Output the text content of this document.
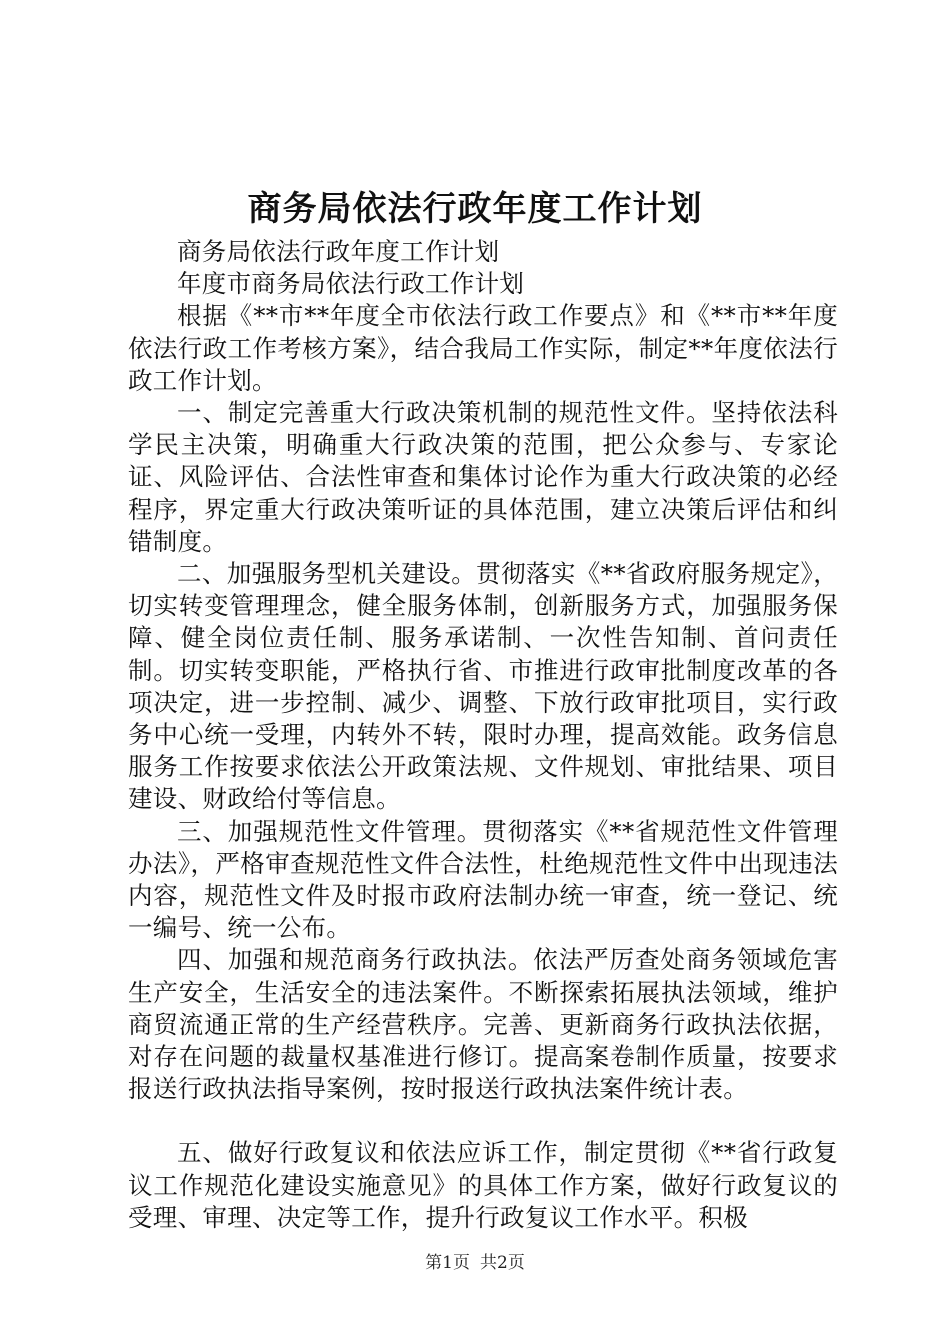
商务局依法行政年度工作计划

商务局依法行政年度工作计划

年度市商务局依法行政工作计划

根据《**市**年度全市依法行政工作要点》和《**市**年度依法行政工作考核方案》，结合我局工作实际，制定**年度依法行政工作计划。

一、制定完善重大行政决策机制的规范性文件。坚持依法科学民主决策，明确重大行政决策的范围，把公众参与、专家论证、风险评估、合法性审查和集体讨论作为重大行政决策的必经程序，界定重大行政决策听证的具体范围，建立决策后评估和纠错制度。

二、加强服务型机关建设。贯彻落实《**省政府服务规定》，切实转变管理理念，健全服务体制，创新服务方式，加强服务保障、健全岗位责任制、服务承诺制、一次性告知制、首问责任制。切实转变职能，严格执行省、市推进行政审批制度改革的各项决定，进一步控制、减少、调整、下放行政审批项目，实行政务中心统一受理，内转外不转，限时办理，提高效能。政务信息服务工作按要求依法公开政策法规、文件规划、审批结果、项目建设、财政给付等信息。

三、加强规范性文件管理。贯彻落实《**省规范性文件管理办法》，严格审查规范性文件合法性，杜绝规范性文件中出现违法内容，规范性文件及时报市政府法制办统一审查，统一登记、统一编号、统一公布。

四、加强和规范商务行政执法。依法严厉查处商务领域危害生产安全，生活安全的违法案件。不断探索拓展执法领域，维护商贸流通正常的生产经营秩序。完善、更新商务行政执法依据，对存在问题的裁量权基准进行修订。提高案卷制作质量，按要求报送行政执法指导案例，按时报送行政执法案件统计表。

五、做好行政复议和依法应诉工作，制定贯彻《**省行政复议工作规范化建设实施意见》的具体工作方案，做好行政复议的受理、审理、决定等工作，提升行政复议工作水平。积极

第1页 共2页
